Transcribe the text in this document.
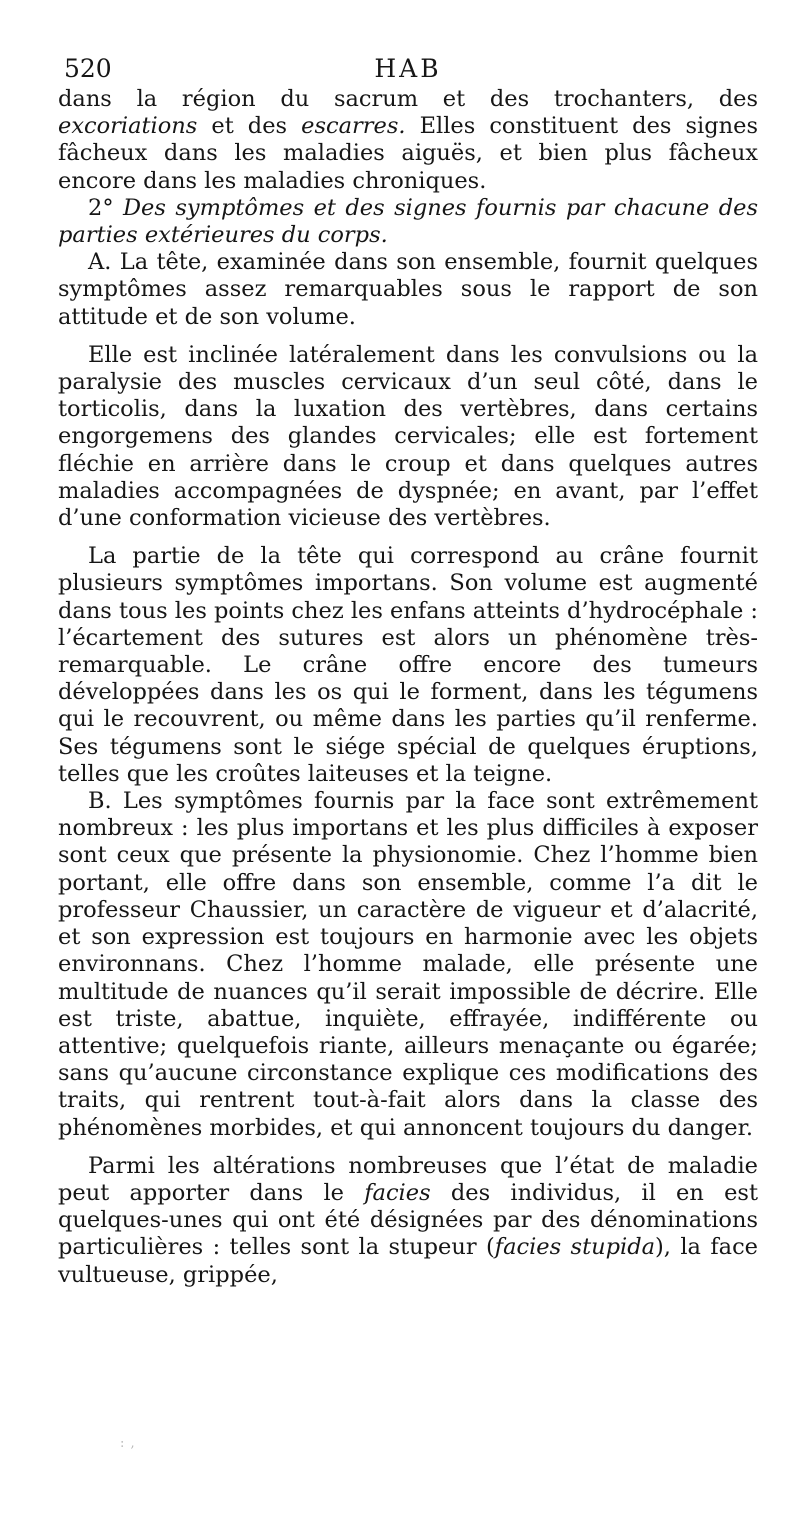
520	HAB

dans la région du sacrum et des trochanters, des excoriations et des escarres. Elles constituent des signes fâcheux dans les maladies aiguës, et bien plus fâcheux encore dans les maladies chroniques.

2° Des symptômes et des signes fournis par chacune des parties extérieures du corps.

A. La tête, examinée dans son ensemble, fournit quelques symptômes assez remarquables sous le rapport de son attitude et de son volume.

Elle est inclinée latéralement dans les convulsions ou la paralysie des muscles cervicaux d’un seul côté, dans le torticolis, dans la luxation des vertèbres, dans certains engorgemens des glandes cervicales; elle est fortement fléchie en arrière dans le croup et dans quelques autres maladies accompagnées de dyspnée; en avant, par l’effet d’une conformation vicieuse des vertèbres.

La partie de la tête qui correspond au crâne fournit plusieurs symptômes importans. Son volume est augmenté dans tous les points chez les enfans atteints d’hydrocéphale : l’écartement des sutures est alors un phénomène très-remarquable. Le crâne offre encore des tumeurs développées dans les os qui le forment, dans les tégumens qui le recouvrent, ou même dans les parties qu’il renferme. Ses tégumens sont le siége spécial de quelques éruptions, telles que les croûtes laiteuses et la teigne.

B. Les symptômes fournis par la face sont extrêmement nombreux : les plus importans et les plus difficiles à exposer sont ceux que présente la physionomie. Chez l’homme bien portant, elle offre dans son ensemble, comme l’a dit le professeur Chaussier, un caractère de vigueur et d’alacrité, et son expression est toujours en harmonie avec les objets environnans. Chez l’homme malade, elle présente une multitude de nuances qu’il serait impossible de décrire. Elle est triste, abattue, inquiète, effrayée, indifférente ou attentive; quelquefois riante, ailleurs menaçante ou égarée; sans qu’aucune circonstance explique ces modifications des traits, qui rentrent tout-à-fait alors dans la classe des phénomènes morbides, et qui annoncent toujours du danger.

Parmi les altérations nombreuses que l’état de maladie peut apporter dans le facies des individus, il en est quelques-unes qui ont été désignées par des dénominations particulières : telles sont la stupeur (facies stupida), la face vultueuse, grippée,

: ,
